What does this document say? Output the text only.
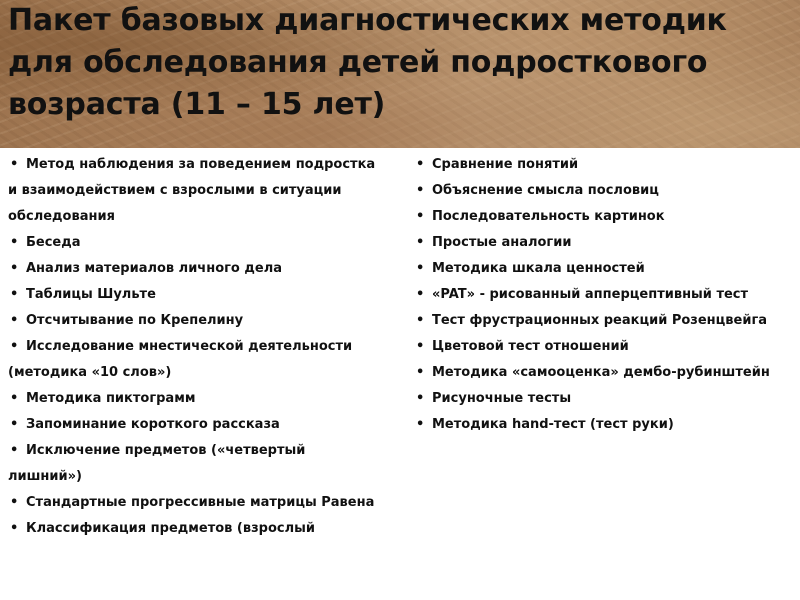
Пакет базовых диагностических методик для обследования детей подросткового возраста (11 – 15 лет)
• Метод наблюдения за поведением подростка
и взаимодействием с взрослыми в ситуации
обследования
• Беседа
• Анализ материалов личного дела
• Таблицы Шульте
• Отсчитывание по Крепелину
• Исследование мнестической деятельности
(методика «10 слов»)
• Методика пиктограмм
• Запоминание короткого рассказа
• Исключение предметов («четвертый
лишний»)
• Стандартные прогрессивные матрицы Равена
• Классификация предметов (взрослый
• Сравнение понятий
• Объяснение смысла пословиц
• Последовательность картинок
• Простые аналогии
• Методика шкала ценностей
• «PAT» - рисованный апперцептивный тест
• Тест фрустрационных реакций Розенцвейга
• Цветовой тест отношений
• Методика «самооценка» дембо-рубинштейн
• Рисуночные тесты
• Методика hand-тест (тест руки)
